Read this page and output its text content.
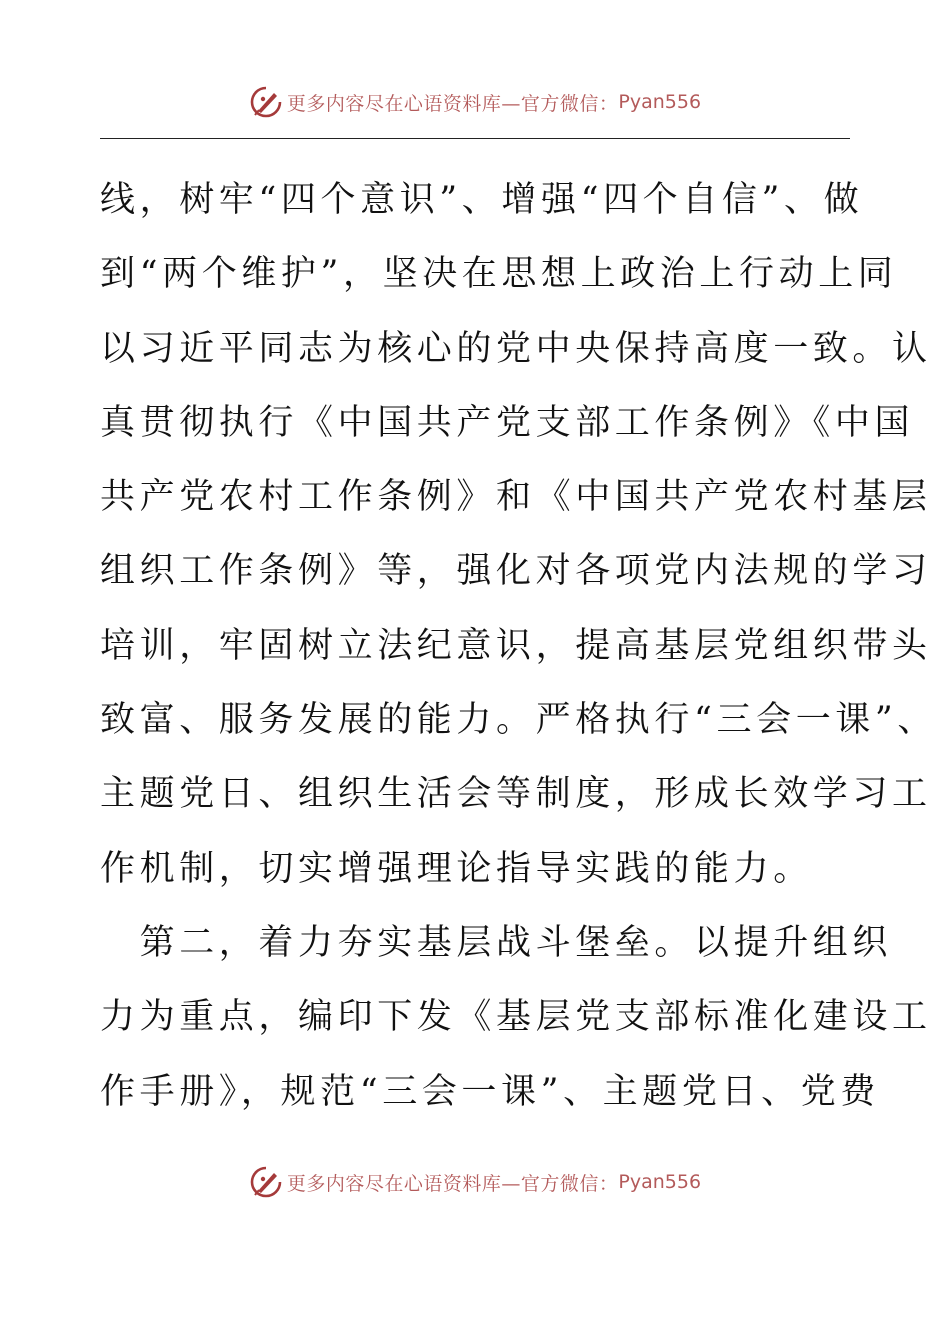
更多内容尽在心语资料库—官方微信： Pyan556
线，树牢“四个意识”、增强“四个自信”、做
到“两个维护”，坚决在思想上政治上行动上同
以习近平同志为核心的党中央保持高度一致。认
真贯彻执行《中国共产党支部工作条例》《中国
共产党农村工作条例》和《中国共产党农村基层
组织工作条例》等，强化对各项党内法规的学习
培训，牢固树立法纪意识，提高基层党组织带头
致富、服务发展的能力。严格执行“三会一课”、
主题党日、组织生活会等制度，形成长效学习工
作机制，切实增强理论指导实践的能力。
　第二，着力夯实基层战斗堡垒。以提升组织
力为重点，编印下发《基层党支部标准化建设工
作手册》，规范“三会一课”、主题党日、党费
更多内容尽在心语资料库—官方微信： Pyan556
